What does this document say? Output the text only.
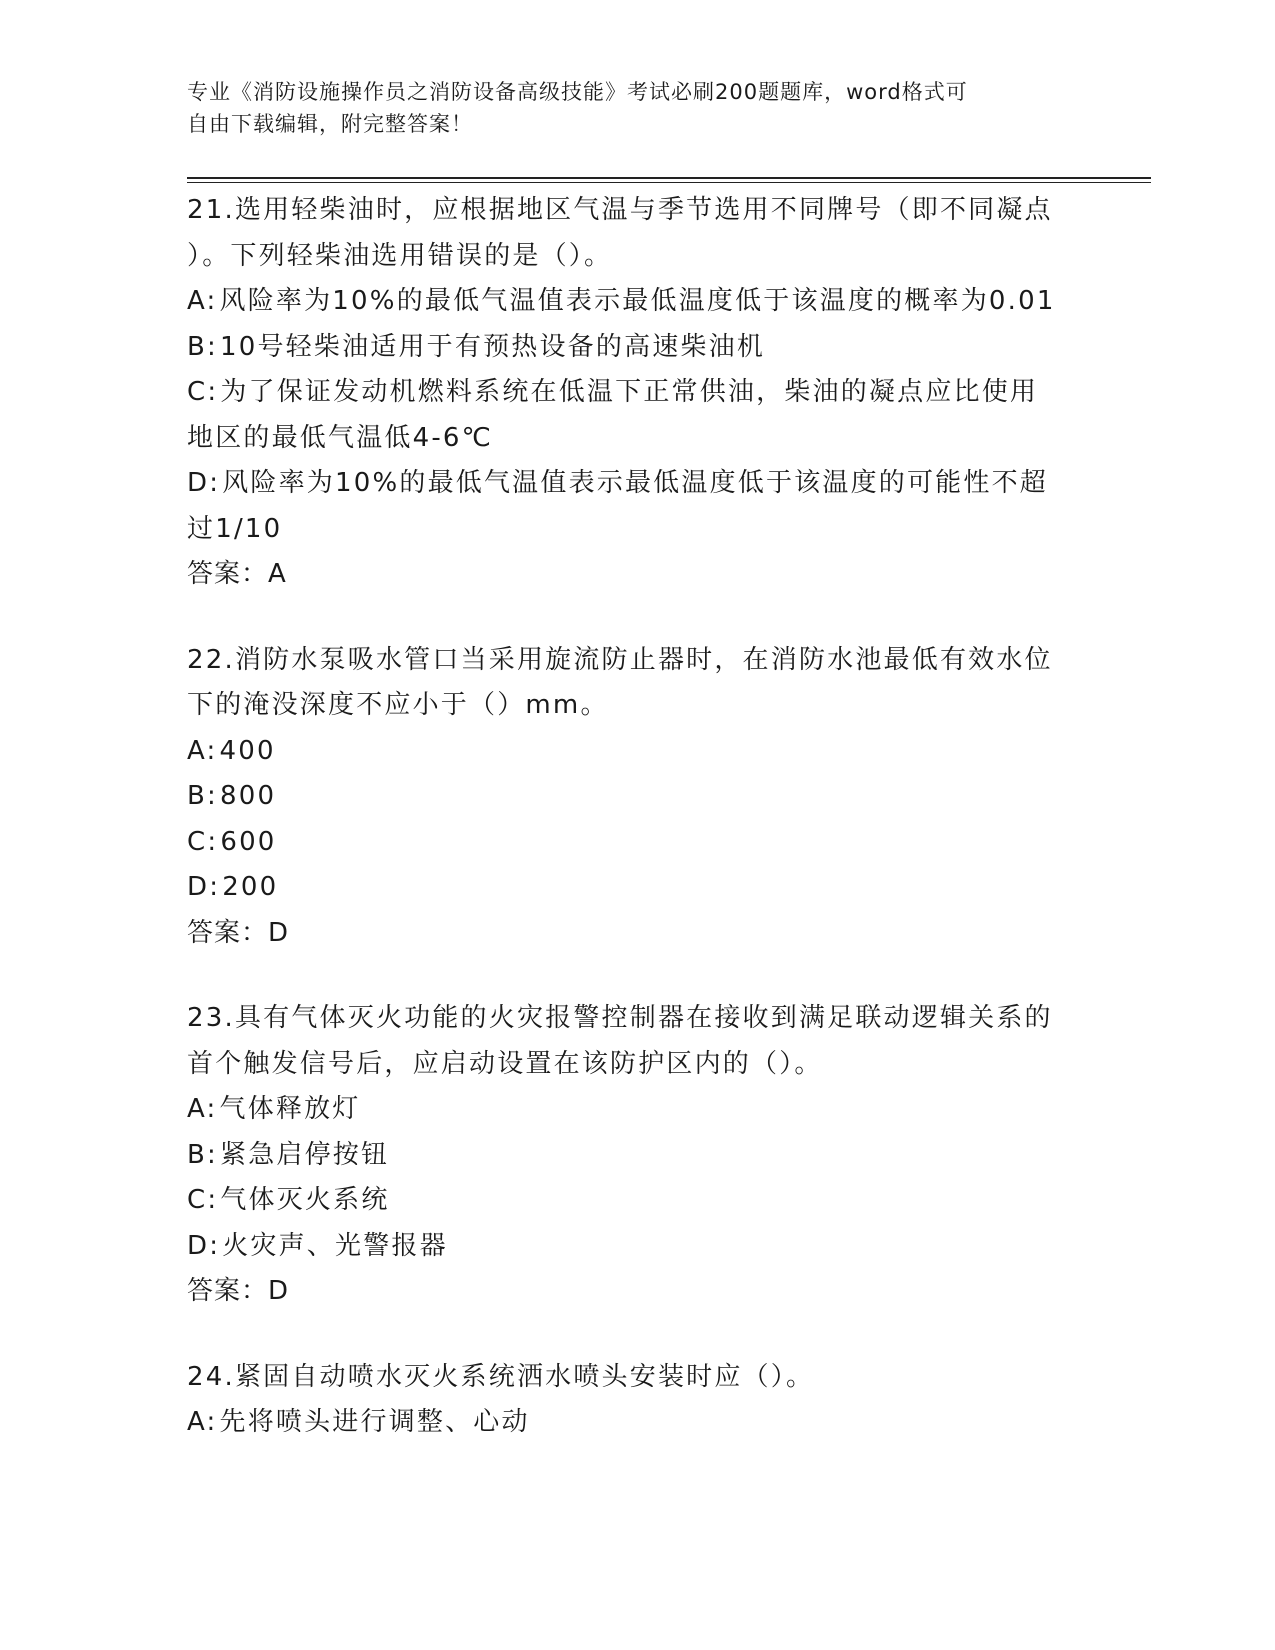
专业《消防设施操作员之消防设备高级技能》考试必刷200题题库，word格式可
自由下载编辑，附完整答案！
21.选用轻柴油时，应根据地区气温与季节选用不同牌号（即不同凝点
）。下列轻柴油选用错误的是（）。
A:风险率为10%的最低气温值表示最低温度低于该温度的概率为0.01
B:10号轻柴油适用于有预热设备的高速柴油机
C:为了保证发动机燃料系统在低温下正常供油，柴油的凝点应比使用
地区的最低气温低4-6℃
D:风险率为10%的最低气温值表示最低温度低于该温度的可能性不超
过1/10
答案：A
22.消防水泵吸水管口当采用旋流防止器时，在消防水池最低有效水位
下的淹没深度不应小于（）mm。
A:400
B:800
C:600
D:200
答案：D
23.具有气体灭火功能的火灾报警控制器在接收到满足联动逻辑关系的
首个触发信号后，应启动设置在该防护区内的（）。
A:气体释放灯
B:紧急启停按钮
C:气体灭火系统
D:火灾声、光警报器
答案：D
24.紧固自动喷水灭火系统洒水喷头安装时应（）。
A:先将喷头进行调整、心动
